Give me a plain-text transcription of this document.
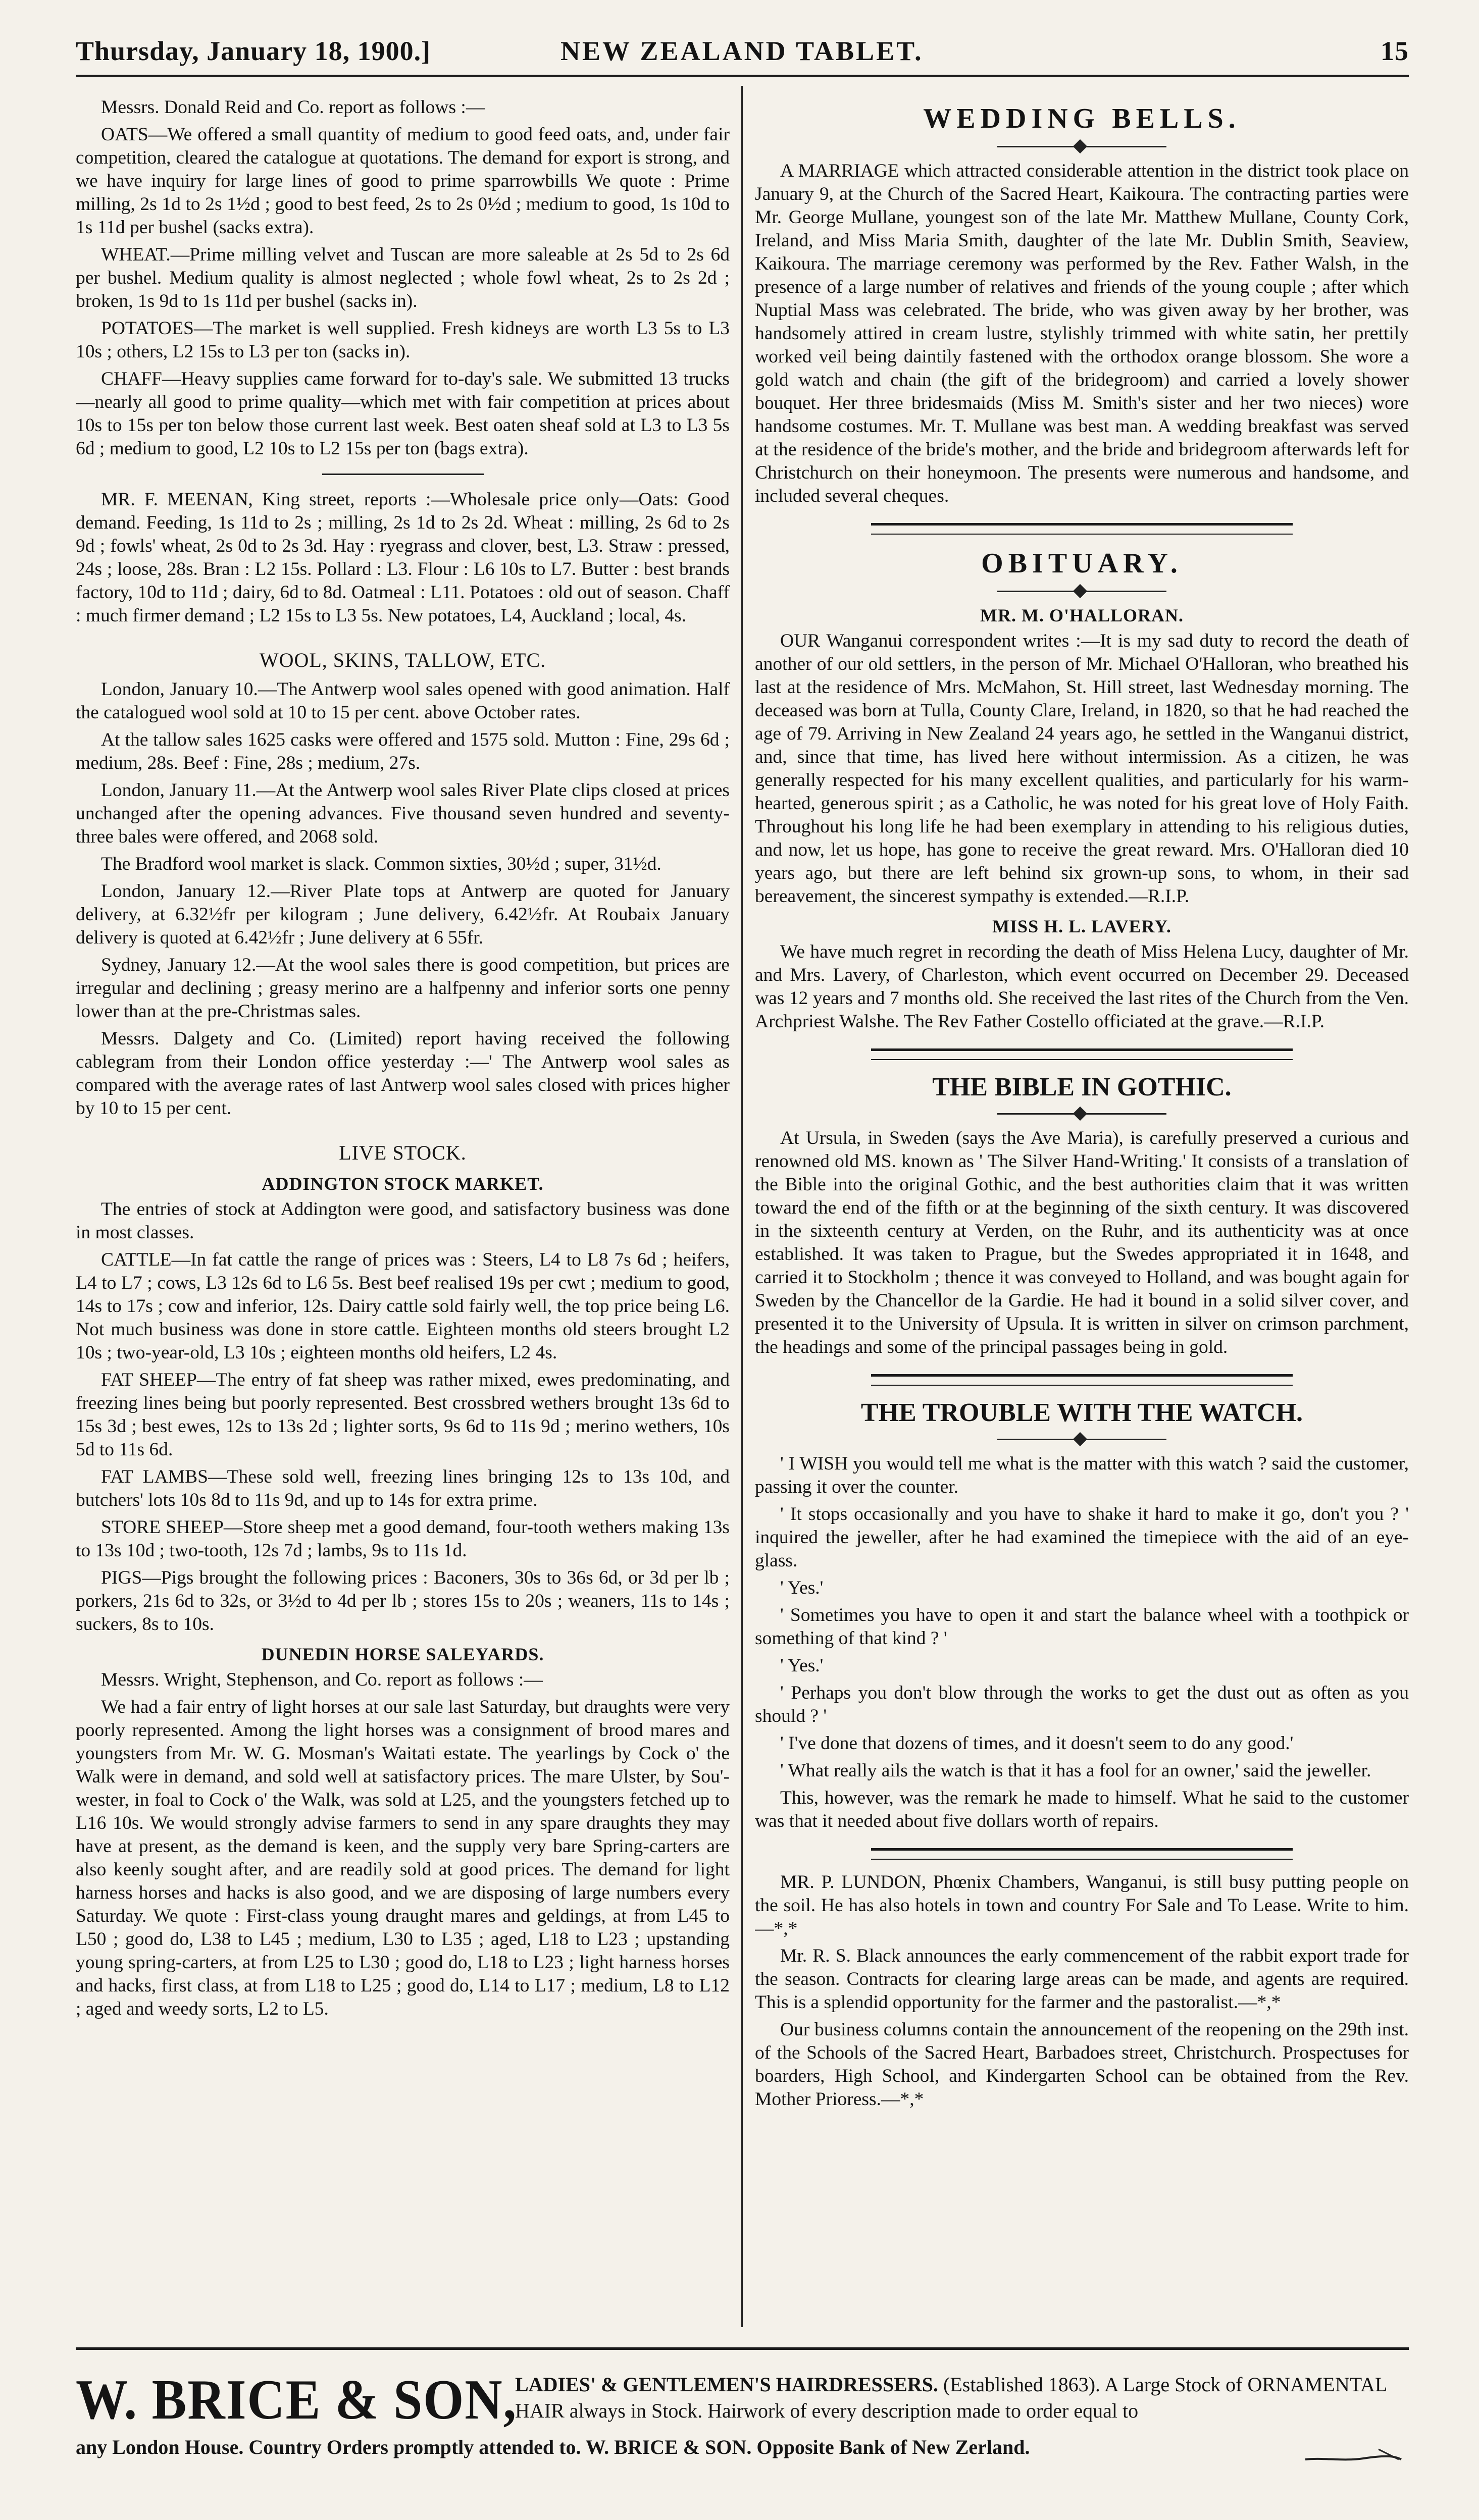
Thursday, January 18, 1900.]	NEW ZEALAND TABLET.	15

Messrs. Donald Reid and Co. report as follows :—

OATS—We offered a small quantity of medium to good feed oats, and, under fair competition, cleared the catalogue at quotations. The demand for export is strong, and we have inquiry for large lines of good to prime sparrowbills We quote : Prime milling, 2s 1d to 2s 1½d ; good to best feed, 2s to 2s 0½d ; medium to good, 1s 10d to 1s 11d per bushel (sacks extra).

WHEAT.—Prime milling velvet and Tuscan are more saleable at 2s 5d to 2s 6d per bushel. Medium quality is almost neglected ; whole fowl wheat, 2s to 2s 2d ; broken, 1s 9d to 1s 11d per bushel (sacks in).

POTATOES—The market is well supplied. Fresh kidneys are worth L3 5s to L3 10s ; others, L2 15s to L3 per ton (sacks in).

CHAFF—Heavy supplies came forward for to-day's sale. We submitted 13 trucks—nearly all good to prime quality—which met with fair competition at prices about 10s to 15s per ton below those current last week. Best oaten sheaf sold at L3 to L3 5s 6d ; medium to good, L2 10s to L2 15s per ton (bags extra).

MR. F. MEENAN, King street, reports :—Wholesale price only—Oats: Good demand. Feeding, 1s 11d to 2s ; milling, 2s 1d to 2s 2d. Wheat : milling, 2s 6d to 2s 9d ; fowls' wheat, 2s 0d to 2s 3d. Hay : ryegrass and clover, best, L3. Straw : pressed, 24s ; loose, 28s. Bran : L2 15s. Pollard : L3. Flour : L6 10s to L7. Butter : best brands factory, 10d to 11d ; dairy, 6d to 8d. Oatmeal : L11. Potatoes : old out of season. Chaff : much firmer demand ; L2 15s to L3 5s. New potatoes, L4, Auckland ; local, 4s.

WOOL, SKINS, TALLOW, ETC.

London, January 10.—The Antwerp wool sales opened with good animation. Half the catalogued wool sold at 10 to 15 per cent. above October rates.

At the tallow sales 1625 casks were offered and 1575 sold. Mutton : Fine, 29s 6d ; medium, 28s. Beef : Fine, 28s ; medium, 27s.

London, January 11.—At the Antwerp wool sales River Plate clips closed at prices unchanged after the opening advances. Five thousand seven hundred and seventy-three bales were offered, and 2068 sold.

The Bradford wool market is slack. Common sixties, 30½d ; super, 31½d.

London, January 12.—River Plate tops at Antwerp are quoted for January delivery, at 6.32½fr per kilogram ; June delivery, 6.42½fr. At Roubaix January delivery is quoted at 6.42½fr ; June delivery at 6 55fr.

Sydney, January 12.—At the wool sales there is good competition, but prices are irregular and declining ; greasy merino are a halfpenny and inferior sorts one penny lower than at the pre-Christmas sales.

Messrs. Dalgety and Co. (Limited) report having received the following cablegram from their London office yesterday :—' The Antwerp wool sales as compared with the average rates of last Antwerp wool sales closed with prices higher by 10 to 15 per cent.

LIVE STOCK.
ADDINGTON STOCK MARKET.

The entries of stock at Addington were good, and satisfactory business was done in most classes.

CATTLE—In fat cattle the range of prices was : Steers, L4 to L8 7s 6d ; heifers, L4 to L7 ; cows, L3 12s 6d to L6 5s. Best beef realised 19s per cwt ; medium to good, 14s to 17s ; cow and inferior, 12s. Dairy cattle sold fairly well, the top price being L6. Not much business was done in store cattle. Eighteen months old steers brought L2 10s ; two-year-old, L3 10s ; eighteen months old heifers, L2 4s.

FAT SHEEP—The entry of fat sheep was rather mixed, ewes predominating, and freezing lines being but poorly represented. Best crossbred wethers brought 13s 6d to 15s 3d ; best ewes, 12s to 13s 2d ; lighter sorts, 9s 6d to 11s 9d ; merino wethers, 10s 5d to 11s 6d.

FAT LAMBS—These sold well, freezing lines bringing 12s to 13s 10d, and butchers' lots 10s 8d to 11s 9d, and up to 14s for extra prime.

STORE SHEEP—Store sheep met a good demand, four-tooth wethers making 13s to 13s 10d ; two-tooth, 12s 7d ; lambs, 9s to 11s 1d.

PIGS—Pigs brought the following prices : Baconers, 30s to 36s 6d, or 3d per lb ; porkers, 21s 6d to 32s, or 3½d to 4d per lb ; stores 15s to 20s ; weaners, 11s to 14s ; suckers, 8s to 10s.

DUNEDIN HORSE SALEYARDS.

Messrs. Wright, Stephenson, and Co. report as follows :—

We had a fair entry of light horses at our sale last Saturday, but draughts were very poorly represented. Among the light horses was a consignment of brood mares and youngsters from Mr. W. G. Mosman's Waitati estate. The yearlings by Cock o' the Walk were in demand, and sold well at satisfactory prices. The mare Ulster, by Sou'-wester, in foal to Cock o' the Walk, was sold at L25, and the youngsters fetched up to L16 10s. We would strongly advise farmers to send in any spare draughts they may have at present, as the demand is keen, and the supply very bare Spring-carters are also keenly sought after, and are readily sold at good prices. The demand for light harness horses and hacks is also good, and we are disposing of large numbers every Saturday. We quote : First-class young draught mares and geldings, at from L45 to L50 ; good do, L38 to L45 ; medium, L30 to L35 ; aged, L18 to L23 ; upstanding young spring-carters, at from L25 to L30 ; good do, L18 to L23 ; light harness horses and hacks, first class, at from L18 to L25 ; good do, L14 to L17 ; medium, L8 to L12 ; aged and weedy sorts, L2 to L5.

WEDDING BELLS.

A MARRIAGE which attracted considerable attention in the district took place on January 9, at the Church of the Sacred Heart, Kaikoura. The contracting parties were Mr. George Mullane, youngest son of the late Mr. Matthew Mullane, County Cork, Ireland, and Miss Maria Smith, daughter of the late Mr. Dublin Smith, Seaview, Kaikoura. The marriage ceremony was performed by the Rev. Father Walsh, in the presence of a large number of relatives and friends of the young couple ; after which Nuptial Mass was celebrated. The bride, who was given away by her brother, was handsomely attired in cream lustre, stylishly trimmed with white satin, her prettily worked veil being daintily fastened with the orthodox orange blossom. She wore a gold watch and chain (the gift of the bridegroom) and carried a lovely shower bouquet. Her three bridesmaids (Miss M. Smith's sister and her two nieces) wore handsome costumes. Mr. T. Mullane was best man. A wedding breakfast was served at the residence of the bride's mother, and the bride and bridegroom afterwards left for Christchurch on their honeymoon. The presents were numerous and handsome, and included several cheques.

OBITUARY.
MR. M. O'HALLORAN.

OUR Wanganui correspondent writes :—It is my sad duty to record the death of another of our old settlers, in the person of Mr. Michael O'Halloran, who breathed his last at the residence of Mrs. McMahon, St. Hill street, last Wednesday morning. The deceased was born at Tulla, County Clare, Ireland, in 1820, so that he had reached the age of 79. Arriving in New Zealand 24 years ago, he settled in the Wanganui district, and, since that time, has lived here without intermission. As a citizen, he was generally respected for his many excellent qualities, and particularly for his warm-hearted, generous spirit ; as a Catholic, he was noted for his great love of Holy Faith. Throughout his long life he had been exemplary in attending to his religious duties, and now, let us hope, has gone to receive the great reward. Mrs. O'Halloran died 10 years ago, but there are left behind six grown-up sons, to whom, in their sad bereavement, the sincerest sympathy is extended.—R.I.P.

MISS H. L. LAVERY.

We have much regret in recording the death of Miss Helena Lucy, daughter of Mr. and Mrs. Lavery, of Charleston, which event occurred on December 29. Deceased was 12 years and 7 months old. She received the last rites of the Church from the Ven. Archpriest Walshe. The Rev Father Costello officiated at the grave.—R.I.P.

THE BIBLE IN GOTHIC.

At Ursula, in Sweden (says the Ave Maria), is carefully preserved a curious and renowned old MS. known as ' The Silver Hand-Writing.' It consists of a translation of the Bible into the original Gothic, and the best authorities claim that it was written toward the end of the fifth or at the beginning of the sixth century. It was discovered in the sixteenth century at Verden, on the Ruhr, and its authenticity was at once established. It was taken to Prague, but the Swedes appropriated it in 1648, and carried it to Stockholm ; thence it was conveyed to Holland, and was bought again for Sweden by the Chancellor de la Gardie. He had it bound in a solid silver cover, and presented it to the University of Upsula. It is written in silver on crimson parchment, the headings and some of the principal passages being in gold.

THE TROUBLE WITH THE WATCH.

' I WISH you would tell me what is the matter with this watch ? said the customer, passing it over the counter.

' It stops occasionally and you have to shake it hard to make it go, don't you ? ' inquired the jeweller, after he had examined the timepiece with the aid of an eye-glass.

' Yes.'

' Sometimes you have to open it and start the balance wheel with a toothpick or something of that kind ? '

' Yes.'

' Perhaps you don't blow through the works to get the dust out as often as you should ? '

' I've done that dozens of times, and it doesn't seem to do any good.'

' What really ails the watch is that it has a fool for an owner,' said the jeweller.

This, however, was the remark he made to himself. What he said to the customer was that it needed about five dollars worth of repairs.

MR. P. LUNDON, Phœnix Chambers, Wanganui, is still busy putting people on the soil. He has also hotels in town and country For Sale and To Lease. Write to him.—*,*

Mr. R. S. Black announces the early commencement of the rabbit export trade for the season. Contracts for clearing large areas can be made, and agents are required. This is a splendid opportunity for the farmer and the pastoralist.—*,*

Our business columns contain the announcement of the reopening on the 29th inst. of the Schools of the Sacred Heart, Barbadoes street, Christchurch. Prospectuses for boarders, High School, and Kindergarten School can be obtained from the Rev. Mother Prioress.—*,*

W. BRICE & SON,
LADIES' & GENTLEMEN'S HAIRDRESSERS. (Established 1863). A Large Stock of ORNAMENTAL HAIR always in Stock. Hairwork of every description made to order equal to
any London House. Country Orders promptly attended to. W. BRICE & SON. Opposite Bank of New Zerland.
